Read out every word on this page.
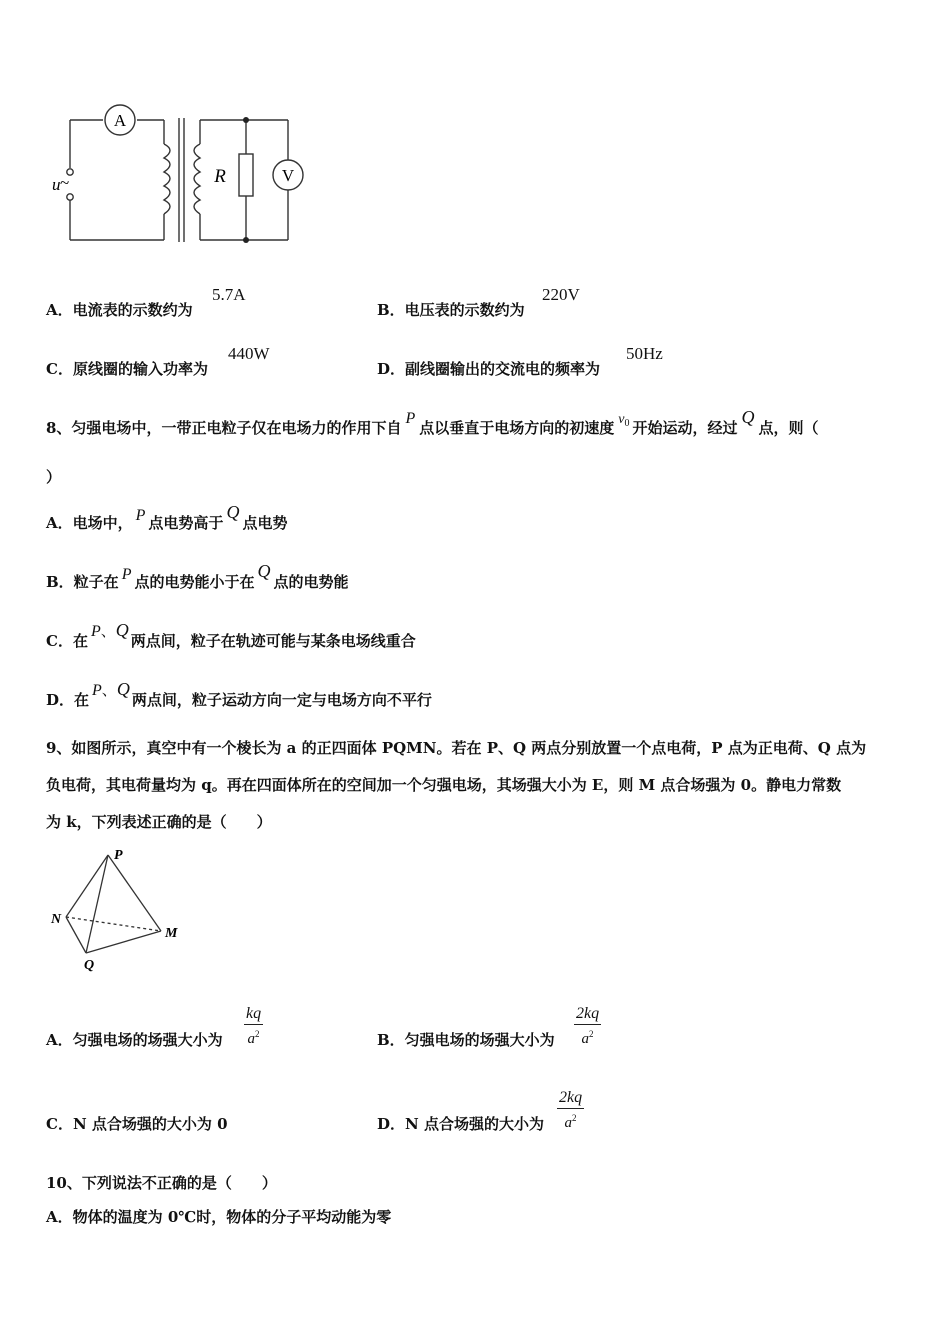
A
V
R
u ~
A．电流表的示数约为
5.7A
B．电压表的示数约为
220V
C．原线圈的输入功率为
440W
D．副线圈输出的交流电的频率为
50Hz
8、匀强电场中，一带正电粒子仅在电场力的作用下自P点以垂直于电场方向的初速度 $v^0$ 开始运动，经过Q点，则（
）
A．电场中， P 点电势高于Q点电势
B．粒子在 P 点的电势能小于在Q点的电势能
C．在P、Q两点间，粒子在轨迹可能与某条电场线重合
D．在P、Q两点间，粒子运动方向一定与电场方向不平行
9、如图所示，真空中有一个棱长为 a 的正四面体 PQMN。若在 P、Q 两点分别放置一个点电荷，P 点为正电荷、Q 点为
负电荷，其电荷量均为 q。再在四面体所在的空间加一个匀强电场，其场强大小为 E，则 M 点合场强为 0。静电力常数
为 k，下列表述正确的是（　　）
P
N
M
Q
A．匀强电场的场强大小为 $\frac{kq}{a^2}$	B．匀强电场的场强大小为 $\frac{2kq}{a^2}$
C．N 点合场强的大小为 0	D．N 点合场强的大小为 $\frac{2kq}{a^2}$
10、下列说法不正确的是（　　）
A．物体的温度为 0℃时，物体的分子平均动能为零
